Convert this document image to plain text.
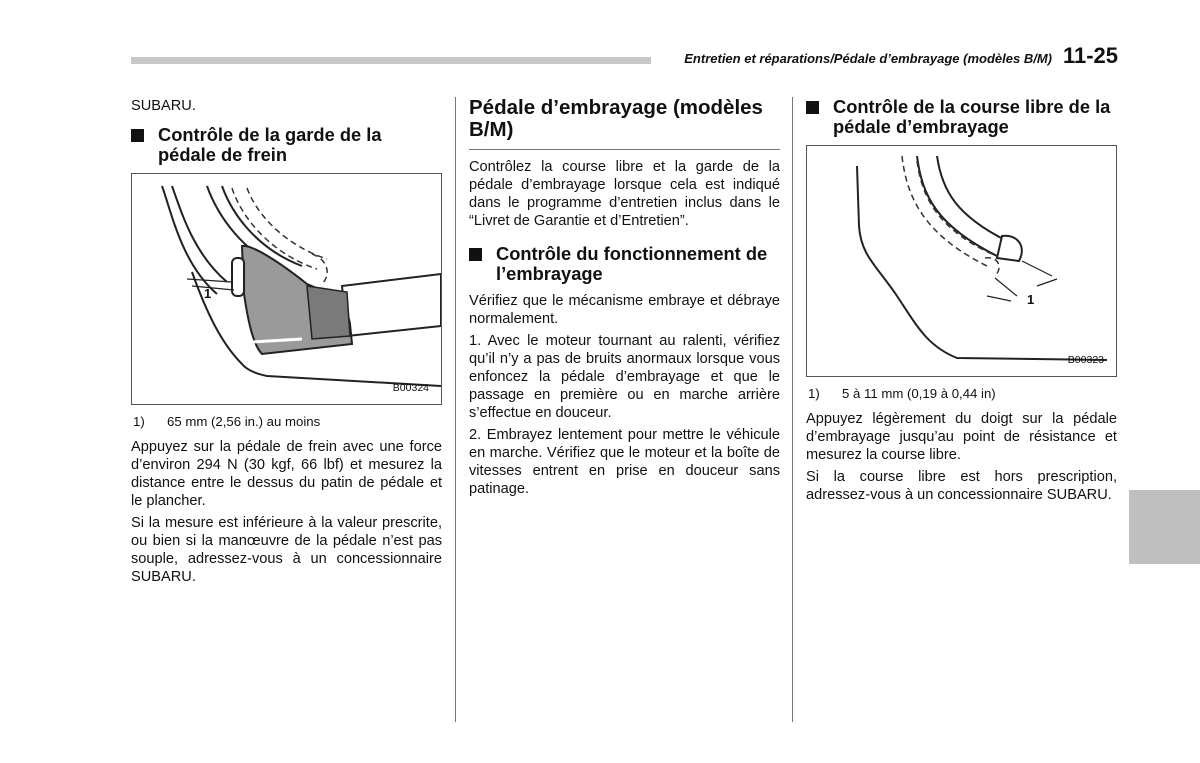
Entretien et réparations/Pédale d’embrayage (modèles B/M) 11-25

SUBARU.

Contrôle de la garde de la pédale de frein
1
B00324
1)	65 mm (2,56 in.) au moins

Appuyez sur la pédale de frein avec une force d’environ 294 N (30 kgf, 66 lbf) et mesurez la distance entre le dessus du patin de pédale et le plancher.

Si la mesure est inférieure à la valeur prescrite, ou bien si la manœuvre de la pédale n’est pas souple, adressez-vous à un concessionnaire SUBARU.

Pédale d’embrayage (modèles B/M)

Contrôlez la course libre et la garde de la pédale d’embrayage lorsque cela est indiqué dans le programme d’entretien inclus dans le “Livret de Garantie et d’Entretien”.

Contrôle du fonctionnement de l’embrayage

Vérifiez que le mécanisme embraye et débraye normalement.

1. Avec le moteur tournant au ralenti, vérifiez qu’il n’y a pas de bruits anormaux lorsque vous enfoncez la pédale d’embrayage et que le passage en première ou en marche arrière s’effectue en douceur.

2. Embrayez lentement pour mettre le véhicule en marche. Vérifiez que le moteur et la boîte de vitesses entrent en prise en douceur sans patinage.

Contrôle de la course libre de la pédale d’embrayage
1
B00323
1)	5 à 11 mm (0,19 à 0,44 in)

Appuyez légèrement du doigt sur la pédale d’embrayage jusqu’au point de résistance et mesurez la course libre.

Si la course libre est hors prescription, adressez-vous à un concessionnaire SUBARU.
